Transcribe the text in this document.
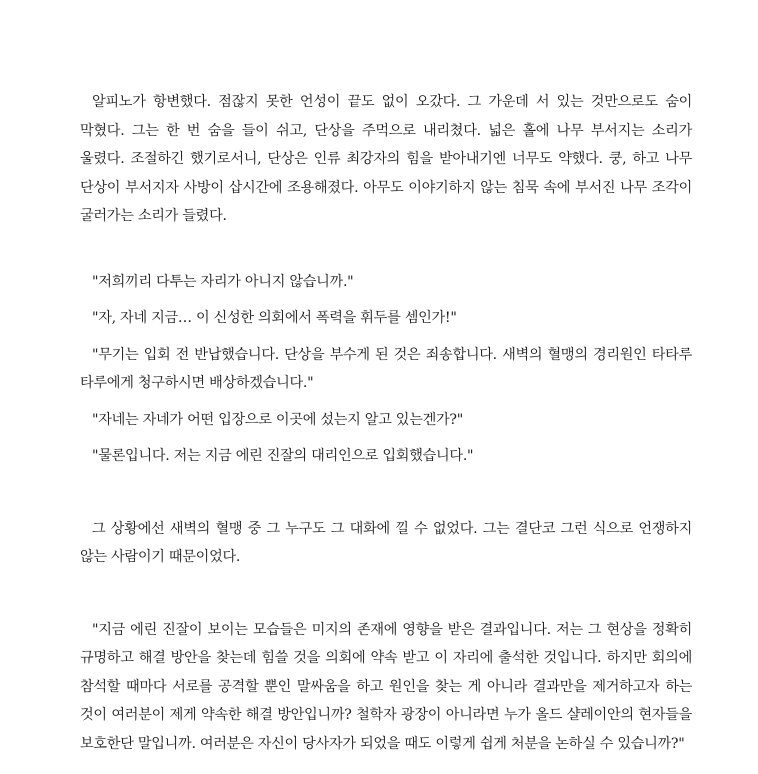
알피노가 항변했다. 점잖지 못한 언성이 끝도 없이 오갔다. 그 가운데 서 있는 것만으로도 숨이 막혔다. 그는 한 번 숨을 들이 쉬고, 단상을 주먹으로 내리쳤다. 넓은 홀에 나무 부서지는 소리가 울렸다. 조절하긴 했기로서니, 단상은 인류 최강자의 힘을 받아내기엔 너무도 약했다. 쿵, 하고 나무 단상이 부서지자 사방이 삽시간에 조용해졌다. 아무도 이야기하지 않는 침묵 속에 부서진 나무 조각이 굴러가는 소리가 들렸다.

"저희끼리 다투는 자리가 아니지 않습니까."

"자, 자네 지금… 이 신성한 의회에서 폭력을 휘두를 셈인가!"

"무기는 입회 전 반납했습니다. 단상을 부수게 된 것은 죄송합니다. 새벽의 혈맹의 경리원인 타타루 타루에게 청구하시면 배상하겠습니다."

"자네는 자네가 어떤 입장으로 이곳에 섰는지 알고 있는겐가?"

"물론입니다. 저는 지금 에린 진잘의 대리인으로 입회했습니다."

그 상황에선 새벽의 혈맹 중 그 누구도 그 대화에 낄 수 없었다. 그는 결단코 그런 식으로 언쟁하지 않는 사람이기 때문이었다.

"지금 에린 진잘이 보이는 모습들은 미지의 존재에 영향을 받은 결과입니다. 저는 그 현상을 정확히 규명하고 해결 방안을 찾는데 힘쓸 것을 의회에 약속 받고 이 자리에 출석한 것입니다. 하지만 회의에 참석할 때마다 서로를 공격할 뿐인 말싸움을 하고 원인을 찾는 게 아니라 결과만을 제거하고자 하는 것이 여러분이 제게 약속한 해결 방안입니까? 철학자 광장이 아니라면 누가 올드 샬레이안의 현자들을 보호한단 말입니까. 여러분은 자신이 당사자가 되었을 때도 이렇게 쉽게 처분을 논하실 수 있습니까?"
